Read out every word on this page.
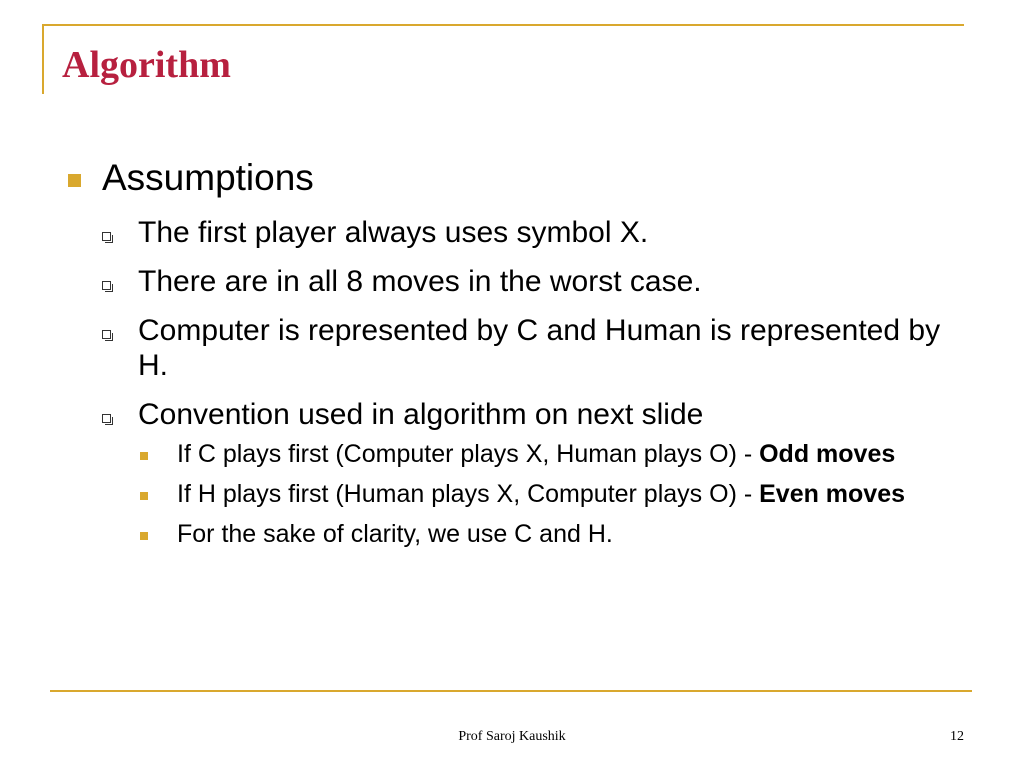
Algorithm

Assumptions

The first player always uses symbol X.

There are in all 8 moves in the worst case.

Computer is represented by C and Human is represented by H.

Convention used in algorithm on next slide

If C plays first (Computer plays X, Human plays O) - Odd moves

If H plays first (Human plays X, Computer plays O) - Even moves

For the sake of clarity, we use C and H.

Prof Saroj Kaushik	12
